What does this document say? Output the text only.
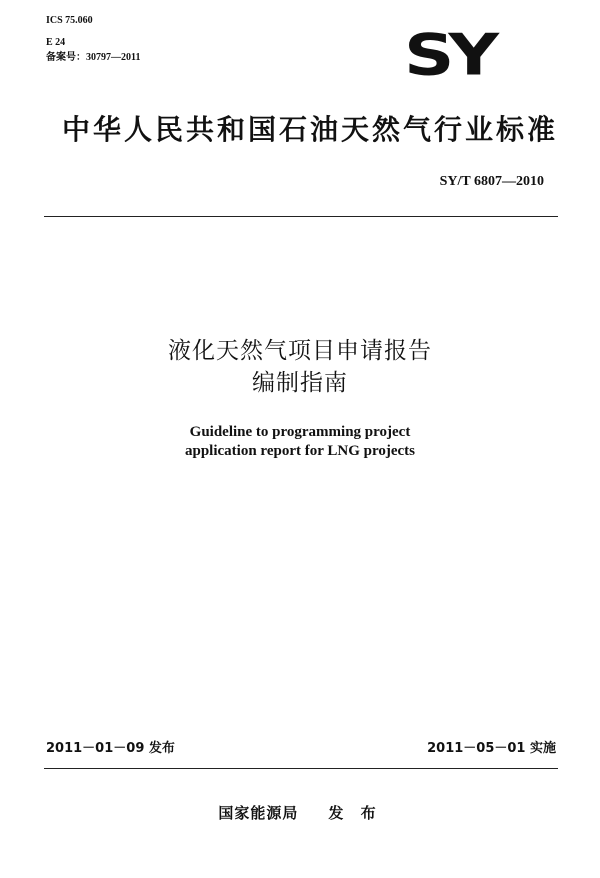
ICS 75.060
E 24
备案号：30797—2011	SY
中华人民共和国石油天然气行业标准
SY/T 6807—2010
液化天然气项目申请报告
编制指南
Guideline to programming project
application report for LNG projects
2011－01－09 发布	2011－05－01 实施
国家能源局 发 布
